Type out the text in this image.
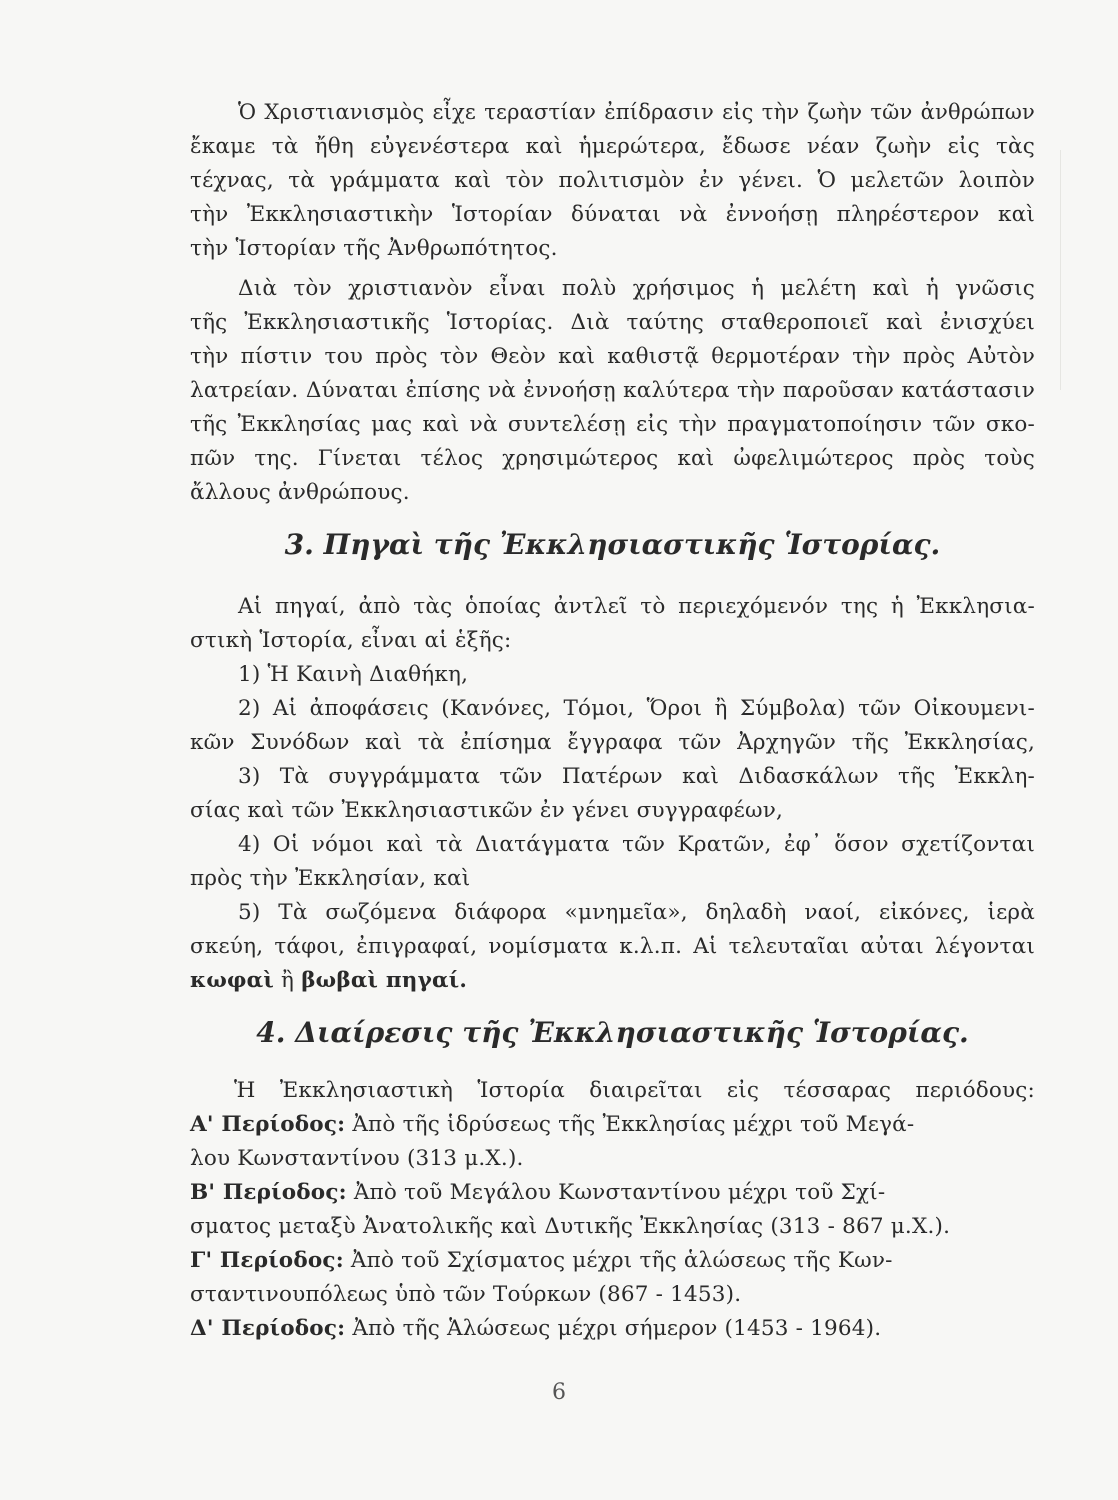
Ὁ Χριστιανισμὸς εἶχε τεραστίαν ἐπίδρασιν εἰς τὴν ζωὴν τῶν ἀνθρώπων
ἔκαμε τὰ ἤθη εὐγενέστερα καὶ ἡμερώτερα, ἔδωσε νέαν ζωὴν εἰς τὰς
τέχνας, τὰ γράμματα καὶ τὸν πολιτισμὸν ἐν γένει. Ὁ μελετῶν λοιπὸν
τὴν Ἐκκλησιαστικὴν Ἱστορίαν δύναται νὰ ἐννοήσῃ πληρέστερον καὶ
τὴν Ἱστορίαν τῆς Ἀνθρωπότητος.
Διὰ τὸν χριστιανὸν εἶναι πολὺ χρήσιμος ἡ μελέτη καὶ ἡ γνῶσις
τῆς Ἐκκλησιαστικῆς Ἱστορίας. Διὰ ταύτης σταθεροποιεῖ καὶ ἐνισχύει
τὴν πίστιν του πρὸς τὸν Θεὸν καὶ καθιστᾷ θερμοτέραν τὴν πρὸς Αὐτὸν
λατρείαν. Δύναται ἐπίσης νὰ ἐννοήσῃ καλύτερα τὴν παροῦσαν κατάστασιν
τῆς Ἐκκλησίας μας καὶ νὰ συντελέσῃ εἰς τὴν πραγματοποίησιν τῶν σκο-
πῶν της. Γίνεται τέλος χρησιμώτερος καὶ ὠφελιμώτερος πρὸς τοὺς
ἄλλους ἀνθρώπους.
3. Πηγαὶ τῆς Ἐκκλησιαστικῆς Ἱστορίας.
Αἱ πηγαί, ἀπὸ τὰς ὁποίας ἀντλεῖ τὸ περιεχόμενόν της ἡ Ἐκκλησια-
στικὴ Ἱστορία, εἶναι αἱ ἑξῆς:
1) Ἡ Καινὴ Διαθήκη,
2) Αἱ ἀποφάσεις (Κανόνες, Τόμοι, Ὅροι ἢ Σύμβολα) τῶν Οἰκουμενι-
κῶν Συνόδων καὶ τὰ ἐπίσημα ἔγγραφα τῶν Ἀρχηγῶν τῆς Ἐκκλησίας,
3) Τὰ συγγράμματα τῶν Πατέρων καὶ Διδασκάλων τῆς Ἐκκλη-
σίας καὶ τῶν Ἐκκλησιαστικῶν ἐν γένει συγγραφέων,
4) Οἱ νόμοι καὶ τὰ Διατάγματα τῶν Κρατῶν, ἐφ᾽ ὅσον σχετίζονται
πρὸς τὴν Ἐκκλησίαν, καὶ
5) Τὰ σωζόμενα διάφορα «μνημεῖα», δηλαδὴ ναοί, εἰκόνες, ἱερὰ
σκεύη, τάφοι, ἐπιγραφαί, νομίσματα κ.λ.π. Αἱ τελευταῖαι αὐται λέγονται
κωφαὶ ἢ βωβαὶ πηγαί.
4. Διαίρεσις τῆς Ἐκκλησιαστικῆς Ἱστορίας.
Ἡ Ἐκκλησιαστικὴ Ἱστορία διαιρεῖται εἰς τέσσαρας περιόδους:
Α' Περίοδος: Ἀπὸ τῆς ἱδρύσεως τῆς Ἐκκλησίας μέχρι τοῦ Μεγά-
λου Κωνσταντίνου (313 μ.Χ.).
Β' Περίοδος: Ἀπὸ τοῦ Μεγάλου Κωνσταντίνου μέχρι τοῦ Σχί-
σματος μεταξὺ Ἀνατολικῆς καὶ Δυτικῆς Ἐκκλησίας (313 - 867 μ.Χ.).
Γ' Περίοδος: Ἀπὸ τοῦ Σχίσματος μέχρι τῆς ἁλώσεως τῆς Κων-
σταντινουπόλεως ὑπὸ τῶν Τούρκων (867 - 1453).
Δ' Περίοδος: Ἀπὸ τῆς Ἁλώσεως μέχρι σήμερον (1453 - 1964).
6
